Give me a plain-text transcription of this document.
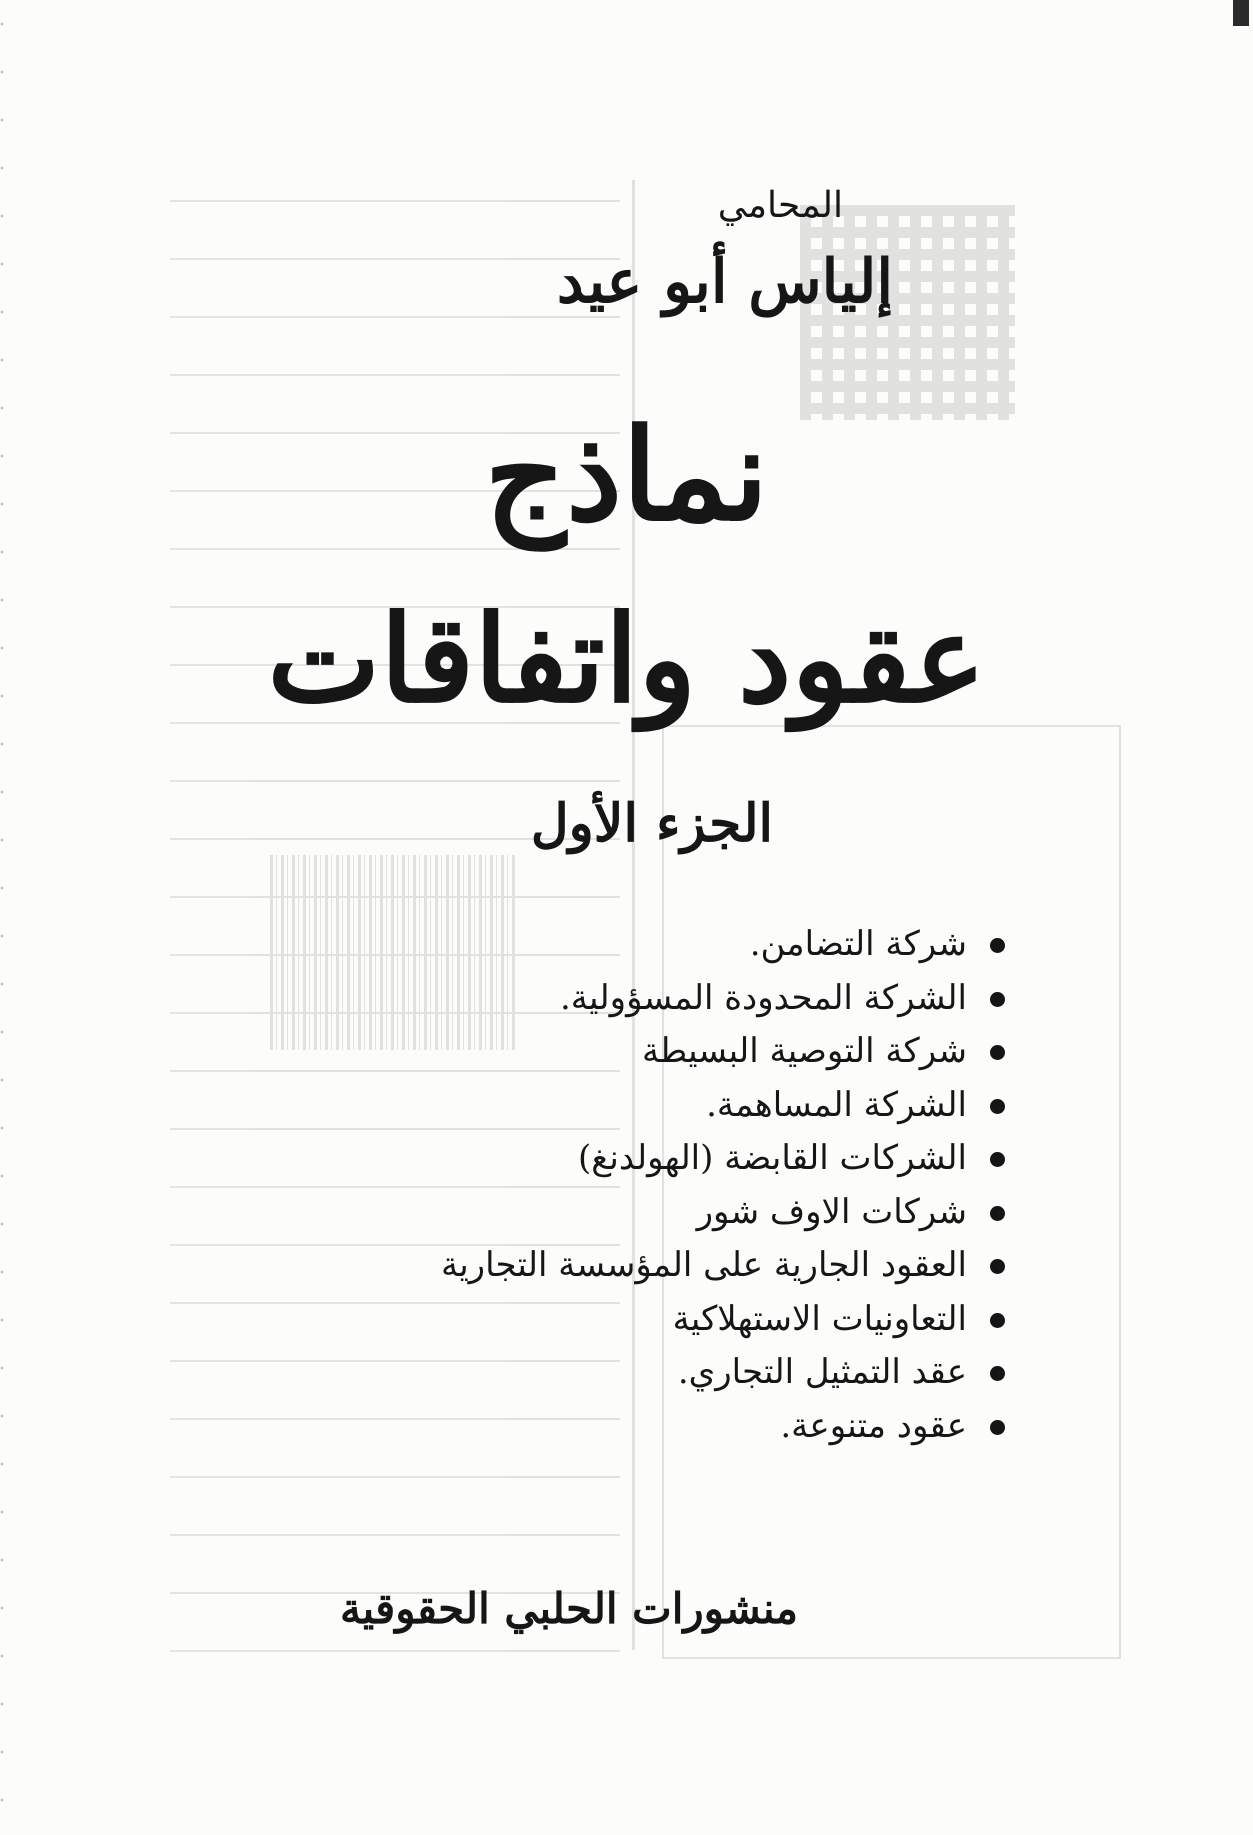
المحامي
إلياس أبو عيد
نماذج
عقود واتفاقات
الجزء الأول
شركة التضامن.
الشركة المحدودة المسؤولية.
شركة التوصية البسيطة
الشركة المساهمة.
الشركات القابضة (الهولدنغ)
شركات الاوف شور
العقود الجارية على المؤسسة التجارية
التعاونيات الاستهلاكية
عقد التمثيل التجاري.
عقود متنوعة.
منشورات الحلبي الحقوقية
